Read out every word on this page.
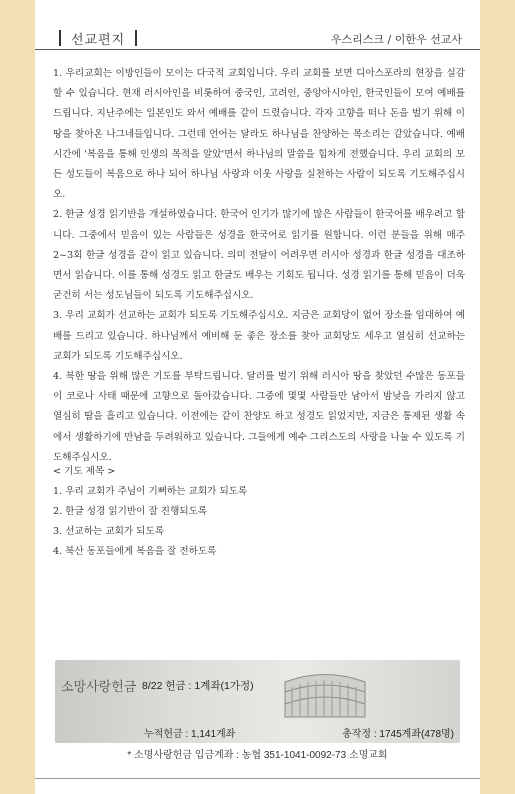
선교편지	우스리스크 / 이한우 선교사

1. 우리교회는 이방인들이 모이는 다국적 교회입니다. 우리 교회를 보면 디아스포라의 현장을 실감할 수 있습니다. 현재 러시아인을 비롯하여 중국인, 고려인, 중앙아시아인, 한국인들이 모여 예배를 드립니다. 지난주에는 일본인도 와서 예배를 같이 드렸습니다. 각자 고향을 떠나 돈을 벌기 위해 이 땅을 찾아온 나그네들입니다. 그런데 언어는 달라도 하나님을 찬양하는 목소리는 같았습니다. 예배시간에 '복음을 통해 인생의 목적을 알았'면서 하나님의 말씀을 힘차게 전했습니다. 우리 교회의 모든 성도들이 복음으로 하나 되어 하나님 사랑과 이웃 사랑을 실천하는 사람이 되도록 기도해주십시오.

2. 한글 성경 읽기반을 개설하였습니다. 한국어 인기가 많기에 많은 사람들이 한국어를 배우려고 합니다. 그중에서 믿음이 있는 사람들은 성경을 한국어로 읽기를 원합니다. 이런 분들을 위해 매주 2~3회 한글 성경을 같이 읽고 있습니다. 의미 전달이 어려우면 러시아 성경과 한글 성경을 대조하면서 읽습니다. 이를 통해 성경도 읽고 한글도 배우는 기회도 됩니다. 성경 읽기를 통해 믿음이 더욱 굳건히 서는 성도님들이 되도록 기도해주십시오.

3. 우리 교회가 선교하는 교회가 되도록 기도해주십시오. 지금은 교회당이 없어 장소를 임대하여 예배를 드리고 있습니다. 하나님께서 예비해 둔 좋은 장소를 찾아 교회당도 세우고 열심히 선교하는 교회가 되도록 기도해주십시오.

4. 북한 땅을 위해 많은 기도를 부탁드립니다. 달러를 벌기 위해 러시아 땅을 찾았던 수많은 동포들이 코로나 사태 때문에 고향으로 돌아갔습니다. 그중에 몇몇 사람들만 남아서 밤낮을 가리지 않고 열심히 땀을 흘리고 있습니다. 이전에는 같이 찬양도 하고 성경도 읽었지만, 지금은 통제된 생활 속에서 생활하기에 만남을 두려워하고 있습니다. 그들에게 예수 그리스도의 사랑을 나눌 수 있도록 기도해주십시오.

< 기도 제목 >
1. 우리 교회가 주님이 기뻐하는 교회가 되도록
2. 한글 성경 읽기반이 잘 진행되도록
3. 선교하는 교회가 되도록
4. 북산 동포들에게 복음을 잘 전하도록
소망사랑헌금 8/22 헌금 : 1계좌(1가정)
누적헌금 : 1,141계좌	총작정 : 1745계좌(478명)
* 소명사랑헌금 입금계좌 : 농협 351-1041-0092-73 소명교회
